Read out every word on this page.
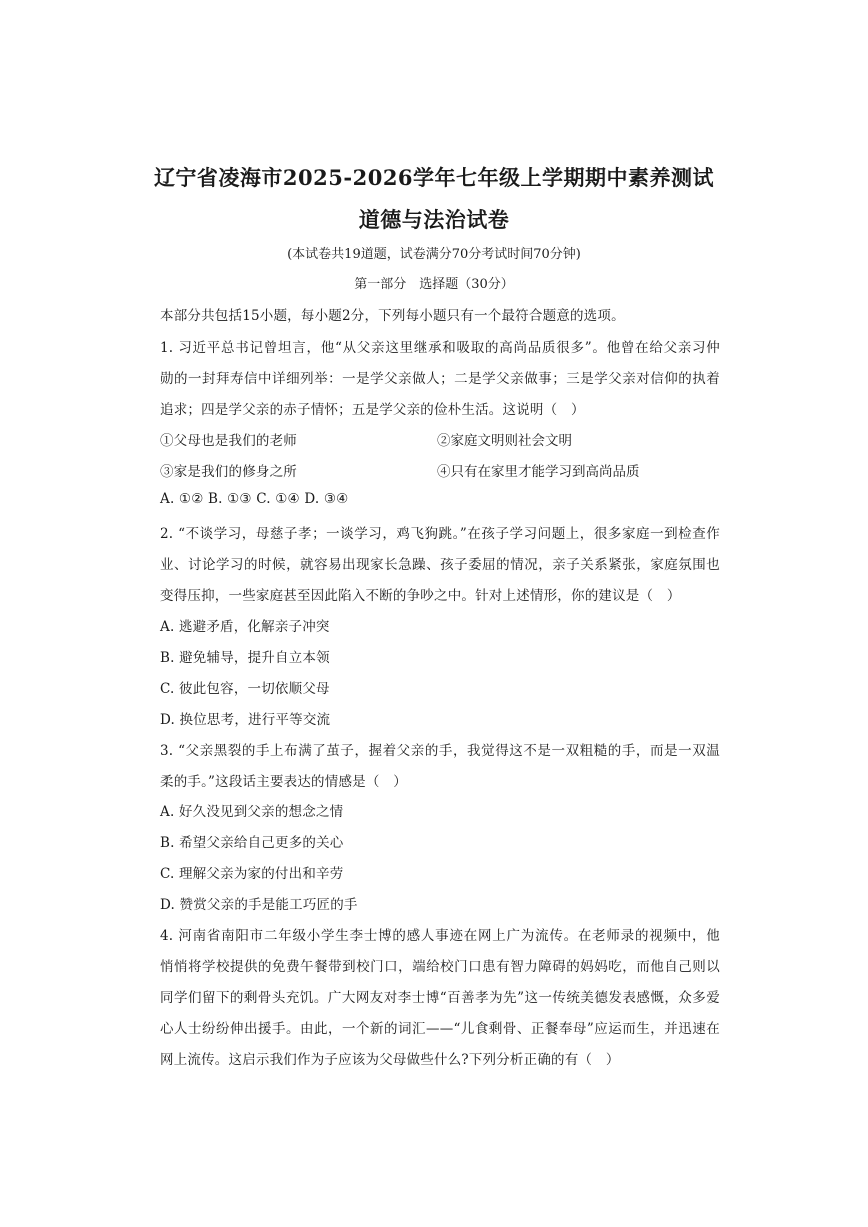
辽宁省凌海市2025-2026学年七年级上学期期中素养测试
道德与法治试卷
(本试卷共19道题，试卷满分70分考试时间70分钟)
第一部分　选择题（30分）
本部分共包括15小题，每小题2分，下列每小题只有一个最符合题意的选项。
1. 习近平总书记曾坦言，他“从父亲这里继承和吸取的高尚品质很多”。他曾在给父亲习仲
勋的一封拜寿信中详细列举：一是学父亲做人；二是学父亲做事；三是学父亲对信仰的执着
追求；四是学父亲的赤子情怀；五是学父亲的俭朴生活。这说明（　）
①父母也是我们的老师	②家庭文明则社会文明
③家是我们的修身之所	④只有在家里才能学习到高尚品质
A. ①② B. ①③ C. ①④ D. ③④
2. “不谈学习，母慈子孝；一谈学习，鸡飞狗跳。”在孩子学习问题上，很多家庭一到检查作
业、讨论学习的时候，就容易出现家长急躁、孩子委屈的情况，亲子关系紧张，家庭氛围也
变得压抑，一些家庭甚至因此陷入不断的争吵之中。针对上述情形，你的建议是（　）
A. 逃避矛盾，化解亲子冲突
B. 避免辅导，提升自立本领
C. 彼此包容，一切依顺父母
D. 换位思考，进行平等交流
3. “父亲黑裂的手上布满了茧子，握着父亲的手，我觉得这不是一双粗糙的手，而是一双温
柔的手。”这段话主要表达的情感是（　）
A. 好久没见到父亲的想念之情
B. 希望父亲给自己更多的关心
C. 理解父亲为家的付出和辛劳
D. 赞赏父亲的手是能工巧匠的手
4. 河南省南阳市二年级小学生李士博的感人事迹在网上广为流传。在老师录的视频中，他
悄悄将学校提供的免费午餐带到校门口，端给校门口患有智力障碍的妈妈吃，而他自己则以
同学们留下的剩骨头充饥。广大网友对李士博“百善孝为先”这一传统美德发表感慨，众多爱
心人士纷纷伸出援手。由此，一个新的词汇——“儿食剩骨、正餐奉母”应运而生，并迅速在
网上流传。这启示我们作为子应该为父母做些什么?下列分析正确的有（　）
